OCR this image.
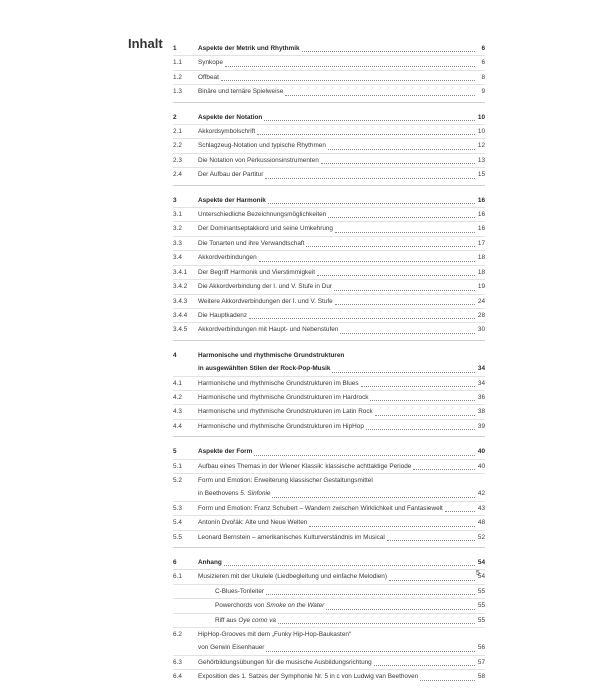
Inhalt 1	Aspekte der Metrik und Rhythmik	6
1.1	Synkope	6
1.2	Offbeat	8
1.3	Binäre und ternäre Spielweise	9
2	Aspekte der Notation	10
2.1	Akkordsymbolschrift	10
2.2	Schlagzeug-Notation und typische Rhythmen	12
2.3	Die Notation von Perkussionsinstrumenten	13
2.4	Der Aufbau der Partitur	15
3	Aspekte der Harmonik	16
3.1	Unterschiedliche Bezeichnungsmöglichkeiten	16
3.2	Der Dominantseptakkord und seine Umkehrung	16
3.3	Die Tonarten und ihre Verwandtschaft	17
3.4	Akkordverbindungen	18
3.4.1	Der Begriff Harmonik und Vierstimmigkeit	18
3.4.2	Die Akkordverbindung der I. und V. Stufe in Dur	19
3.4.3	Weitere Akkordverbindungen der I. und V. Stufe	24
3.4.4	Die Hauptkadenz	28
3.4.5	Akkordverbindungen mit Haupt- und Nebenstufen	30
4	Harmonische und rhythmische Grundstrukturen
in ausgewählten Stilen der Rock-Pop-Musik	34
4.1	Harmonische und rhythmische Grundstrukturen im Blues	34
4.2	Harmonische und rhythmische Grundstrukturen im Hardrock	36
4.3	Harmonische und rhythmische Grundstrukturen im Latin Rock	38
4.4	Harmonische und rhythmische Grundstrukturen im HipHop	39
5	Aspekte der Form	40
5.1	Aufbau eines Themas in der Wiener Klassik: klassische achttaktige Periode	40
5.2	Form und Emotion: Erweiterung klassischer Gestaltungsmittel
in Beethovens 5. Sinfonie	42
5.3	Form und Emotion: Franz Schubert – Wandern zwischen Wirklichkeit und Fantasiewelt	43
5.4	Antonín Dvořák: Alte und Neue Welten	48
5.5	Leonard Bernstein – amerikanisches Kulturverständnis im Musical	52
6	Anhang	54
6.1	Musizieren mit der Ukulele (Liedbegleitung und einfache Melodien)	54
C-Blues-Tonleiter	55
Powerchords von Smoke on the Water	55
Riff aus Oye como va	55
6.2	HipHop-Grooves mit dem „Funky Hip-Hop-Baukasten“
von Gerwin Eisenhauer	56
6.3	Gehörbildungsübungen für die musische Ausbildungsrichtung	57
6.4	Exposition des 1. Satzes der Symphonie Nr. 5 in c von Ludwig van Beethoven	58
5
